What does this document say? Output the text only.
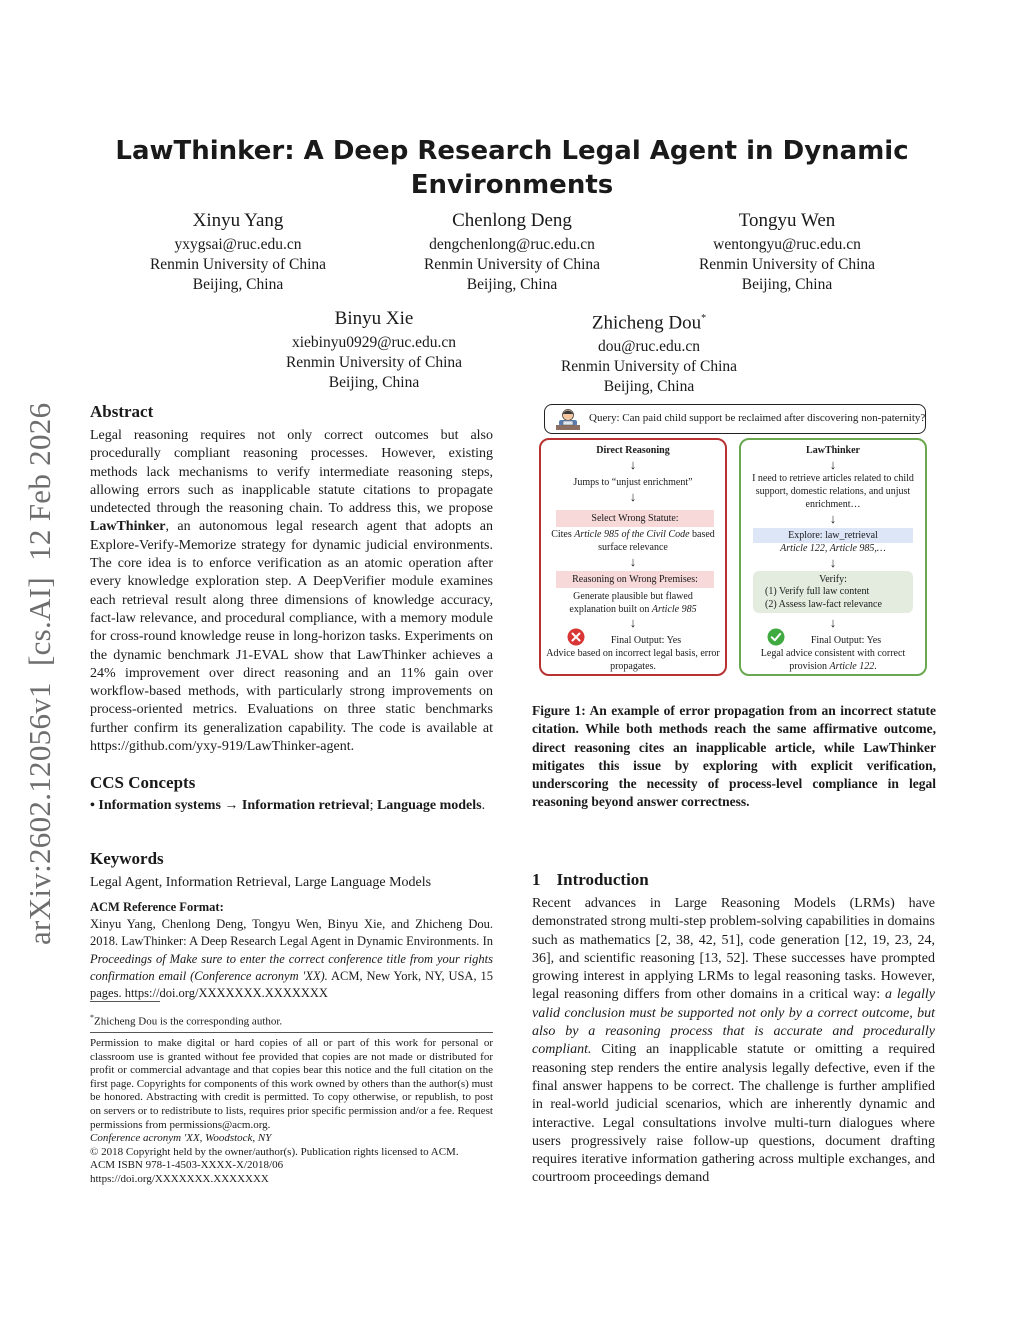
arXiv:2602.12056v1  [cs.AI]  12 Feb 2026
LawThinker: A Deep Research Legal Agent in Dynamic Environments
Xinyu Yang
yxygsai@ruc.edu.cn
Renmin University of China
Beijing, China
Chenlong Deng
dengchenlong@ruc.edu.cn
Renmin University of China
Beijing, China
Tongyu Wen
wentongyu@ruc.edu.cn
Renmin University of China
Beijing, China
Binyu Xie
xiebinyu0929@ruc.edu.cn
Renmin University of China
Beijing, China
Zhicheng Dou*
dou@ruc.edu.cn
Renmin University of China
Beijing, China
Abstract
Legal reasoning requires not only correct outcomes but also procedurally compliant reasoning processes. However, existing methods lack mechanisms to verify intermediate reasoning steps, allowing errors such as inapplicable statute citations to propagate undetected through the reasoning chain. To address this, we propose LawThinker, an autonomous legal research agent that adopts an Explore-Verify-Memorize strategy for dynamic judicial environments. The core idea is to enforce verification as an atomic operation after every knowledge exploration step. A DeepVerifier module examines each retrieval result along three dimensions of knowledge accuracy, fact-law relevance, and procedural compliance, with a memory module for cross-round knowledge reuse in long-horizon tasks. Experiments on the dynamic benchmark J1-EVAL show that LawThinker achieves a 24% improvement over direct reasoning and an 11% gain over workflow-based methods, with particularly strong improvements on process-oriented metrics. Evaluations on three static benchmarks further confirm its generalization capability. The code is available at https://github.com/yxy-919/LawThinker-agent.
CCS Concepts
• Information systems → Information retrieval; Language models.
Keywords
Legal Agent, Information Retrieval, Large Language Models
ACM Reference Format:
Xinyu Yang, Chenlong Deng, Tongyu Wen, Binyu Xie, and Zhicheng Dou. 2018. LawThinker: A Deep Research Legal Agent in Dynamic Environments. In Proceedings of Make sure to enter the correct conference title from your rights confirmation email (Conference acronym 'XX). ACM, New York, NY, USA, 15 pages. https://doi.org/XXXXXXX.XXXXXXX
*Zhicheng Dou is the corresponding author.
Permission to make digital or hard copies of all or part of this work for personal or classroom use is granted without fee provided that copies are not made or distributed for profit or commercial advantage and that copies bear this notice and the full citation on the first page. Copyrights for components of this work owned by others than the author(s) must be honored. Abstracting with credit is permitted. To copy otherwise, or republish, to post on servers or to redistribute to lists, requires prior specific permission and/or a fee. Request permissions from permissions@acm.org.
Conference acronym 'XX, Woodstock, NY
© 2018 Copyright held by the owner/author(s). Publication rights licensed to ACM.
ACM ISBN 978-1-4503-XXXX-X/2018/06
https://doi.org/XXXXXXX.XXXXXXX
Query: Can paid child support be reclaimed after discovering non-paternity?
Direct Reasoning
↓
Jumps to “unjust enrichment”
↓
Select Wrong Statute:
Cites Article 985 of the Civil Code based surface relevance
↓
Reasoning on Wrong Premises:
Generate plausible but flawed explanation built on Article 985
↓
Final Output: Yes
Advice based on incorrect legal basis, error propagates.
LawThinker
↓
I need to retrieve articles related to child support, domestic relations, and unjust enrichment…
↓
Explore: law_retrieval
Article 122, Article 985,…
↓
Verify:
(1) Verify full law content
(2) Assess law-fact relevance
↓
Final Output: Yes
Legal advice consistent with correct provision Article 122.
Figure 1: An example of error propagation from an incorrect statute citation. While both methods reach the same affirmative outcome, direct reasoning cites an inapplicable article, while LawThinker mitigates this issue by exploring with explicit verification, underscoring the necessity of process-level compliance in legal reasoning beyond answer correctness.
1 Introduction
Recent advances in Large Reasoning Models (LRMs) have demonstrated strong multi-step problem-solving capabilities in domains such as mathematics [2, 38, 42, 51], code generation [12, 19, 23, 24, 36], and scientific reasoning [13, 52]. These successes have prompted growing interest in applying LRMs to legal reasoning tasks. However, legal reasoning differs from other domains in a critical way: a legally valid conclusion must be supported not only by a correct outcome, but also by a reasoning process that is accurate and procedurally compliant. Citing an inapplicable statute or omitting a required reasoning step renders the entire analysis legally defective, even if the final answer happens to be correct. The challenge is further amplified in real-world judicial scenarios, which are inherently dynamic and interactive. Legal consultations involve multi-turn dialogues where users progressively raise follow-up questions, document drafting requires iterative information gathering across multiple exchanges, and courtroom proceedings demand
